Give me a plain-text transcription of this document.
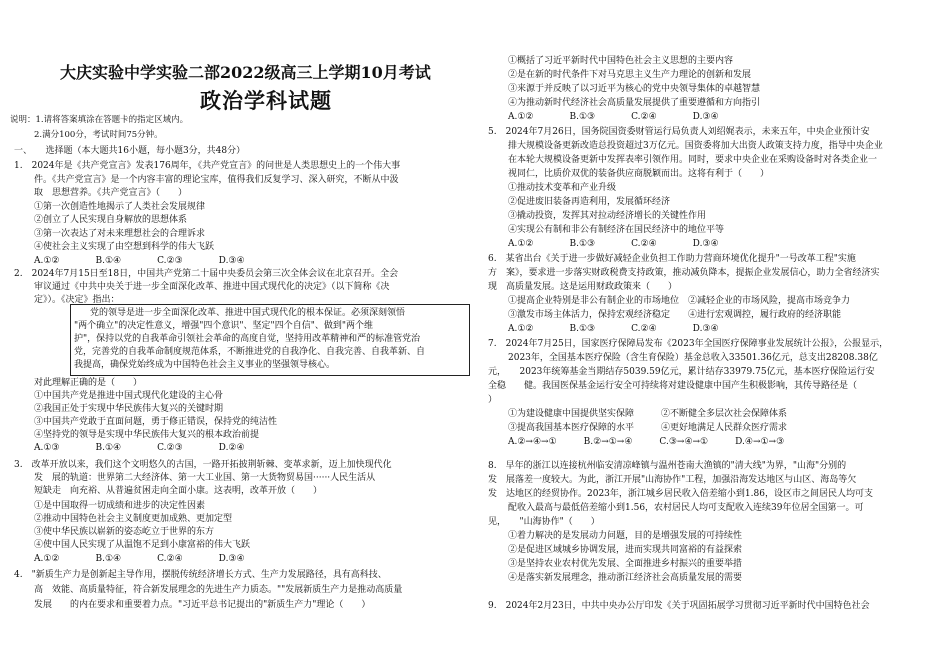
大庆实验中学实验二部2022级高三上学期10月考试
政治学科试题
说明：1.请将答案填涂在答题卡的指定区域内。
2.满分100分，考试时间75分钟。
一、　　选择题（本大题共16小题，每小题3分，共48分）
1.　2024年是《共产党宣言》发表176周年，《共产党宣言》的问世是人类思想史上的一个伟大事
件。《共产党宣言》是一个内容丰富的理论宝库，值得我们反复学习、深入研究，不断从中汲
取　思想营养。《共产党宣言》（　　）
①第一次创造性地揭示了人类社会发展规律
②创立了人民实现自身解放的思想体系
③第一次表达了对未来理想社会的合理诉求
④使社会主义实现了由空想到科学的伟大飞跃
A.①②　　　　B.①④　　　　C.②③　　　　D.③④
2.　2024年7月15日至18日，中国共产党第二十届中央委员会第三次全体会议在北京召开。全会
审议通过《中共中央关于进一步全面深化改革、推进中国式现代化的决定》（以下简称《决
定》）。《决定》指出：
党的领导是进一步全面深化改革、推进中国式现代化的根本保证。必须深刻领悟
"两个确立"的决定性意义，增强"四个意识"、坚定"四个自信"、做到"两个维
护"，保持以党的自我革命引领社会革命的高度自觉，坚持用改革精神和严的标准管党治
党，完善党的自我革命制度规范体系，不断推进党的自我净化、自我完善、自我革新、自
我提高，确保党始终成为中国特色社会主义事业的坚强领导核心。
对此理解正确的是（　　）
①中国共产党是推进中国式现代化建设的主心骨
②我国正处于实现中华民族伟大复兴的关键时期
③中国共产党敢于直面问题，勇于修正错误，保持党的纯洁性
④坚持党的领导是实现中华民族伟大复兴的根本政治前提
A.①③　　　　B.①④　　　　C.②③　　　　D.②④
3.　改革开放以来，我们这个文明悠久的古国，一路开拓披荆斩棘、变革求新，迈上加快现代化
发　展的轨道：世界第二大经济体、第一大工业国、第一大货物贸易国······人民生活从
短缺走　向充裕、从普遍贫困走向全面小康。这表明，改革开放（　　）
①是中国取得一切成绩和进步的决定性因素
②推动中国特色社会主义制度更加成熟、更加定型
③使中华民族以崭新的姿态屹立于世界的东方
④使中国人民实现了从温饱不足到小康富裕的伟大飞跃
A.①②　　　　B.①④　　　　C.②④　　　　D.③④
4.　"新质生产力是创新起主导作用，摆脱传统经济增长方式、生产力发展路径，具有高科技、
高　效能、高质量特征，符合新发展理念的先进生产力质态。""发展新质生产力是推动高质量
发展　　的内在要求和重要着力点。"习近平总书记提出的"新质生产力"理论（　　）
①概括了习近平新时代中国特色社会主义思想的主要内容
②是在新的时代条件下对马克思主义生产力理论的创新和发展
③来源于并反映了以习近平为核心的党中央领导集体的卓越智慧
④为推动新时代经济社会高质量发展提供了重要遵循和方向指引
A.①②　　　　B.①③　　　　C.②④　　　　D.③④
5.　2024年7月26日，国务院国资委财管运行局负责人刘绍娓表示，未来五年，中央企业预计安
排大规模设备更新改造总投资超过3万亿元。国资委将加大出资人政策支持力度，指导中央企业
在本轮大规模设备更新中发挥表率引领作用。同时，要求中央企业在采购设备时对各类企业一
视同仁，比质价双优的装备供应商脱颖而出。这将有利于（　　）
①推动技术变革和产业升级
②促进废旧装备再造利用，发展循环经济
③撬动投资，发挥其对拉动经济增长的关键性作用
④实现公有制和非公有制经济在国民经济中的地位平等
A.①②　　　　B.①③　　　　C.②④　　　　D.③④
6.　某省出台《关于进一步做好减轻企业负担工作助力营商环境优化提升"一号改革工程"实施
方　案》，要求进一步落实财政税费支持政策，推动减负降本，提振企业发展信心，助力全省经济实
现　高质量发展。这是运用财政政策来（　　）
①提高企业特别是非公有制企业的市场地位　②减轻企业的市场风险，提高市场竞争力
③激发市场主体活力，保持宏观经济稳定　　④进行宏观调控，履行政府的经济职能
A.①②　　　　B.①③　　　　C.②④　　　　D.③④
7.　2024年7月25日，国家医疗保障局发布《2023年全国医疗保障事业发展统计公报》，公报显示，
2023年，全国基本医疗保险（含生育保险）基金总收入33501.36亿元，总支出28208.38亿
元，　　2023年统筹基金当期结存5039.59亿元，累计结存33979.75亿元，基本医疗保险运行安
全稳　　健。我国医保基金运行安全可持续将对建设健康中国产生积极影响，其传导路径是（
）
①为建设健康中国提供坚实保障　　　②不断健全多层次社会保障体系
③提高我国基本医疗保障的水平　　　④更好地满足人民群众医疗需求
A.②→④→①　　　B.②→①→④　　　C.③→④→①　　　D.④→①→③
8.　早年的浙江以连接杭州临安清凉峰镇与温州苍南大渔镇的"清大线"为界，"山海"分别的
发　展落差一度较大。为此，浙江开展"山海协作"工程，加强沿海发达地区与山区、海岛等欠
发　达地区的经贸协作。2023年，浙江城乡居民收入倍差缩小到1.86，设区市之间居民人均可支
配收入最高与最低倍差缩小到1.56，农村居民人均可支配收入连续39年位居全国第一。可
见，　　"山海协作"（　　）
①着力解决的是发展动力问题，目的是增强发展的可持续性
②是促进区域城乡协调发展，进而实现共同富裕的有益探索
③是坚持农业农村优先发展、全面推进乡村振兴的重要举措
④是落实新发展理念，推动浙江经济社会高质量发展的需要
9.　2024年2月23日，中共中央办公厅印发《关于巩固拓展学习贯彻习近平新时代中国特色社会
